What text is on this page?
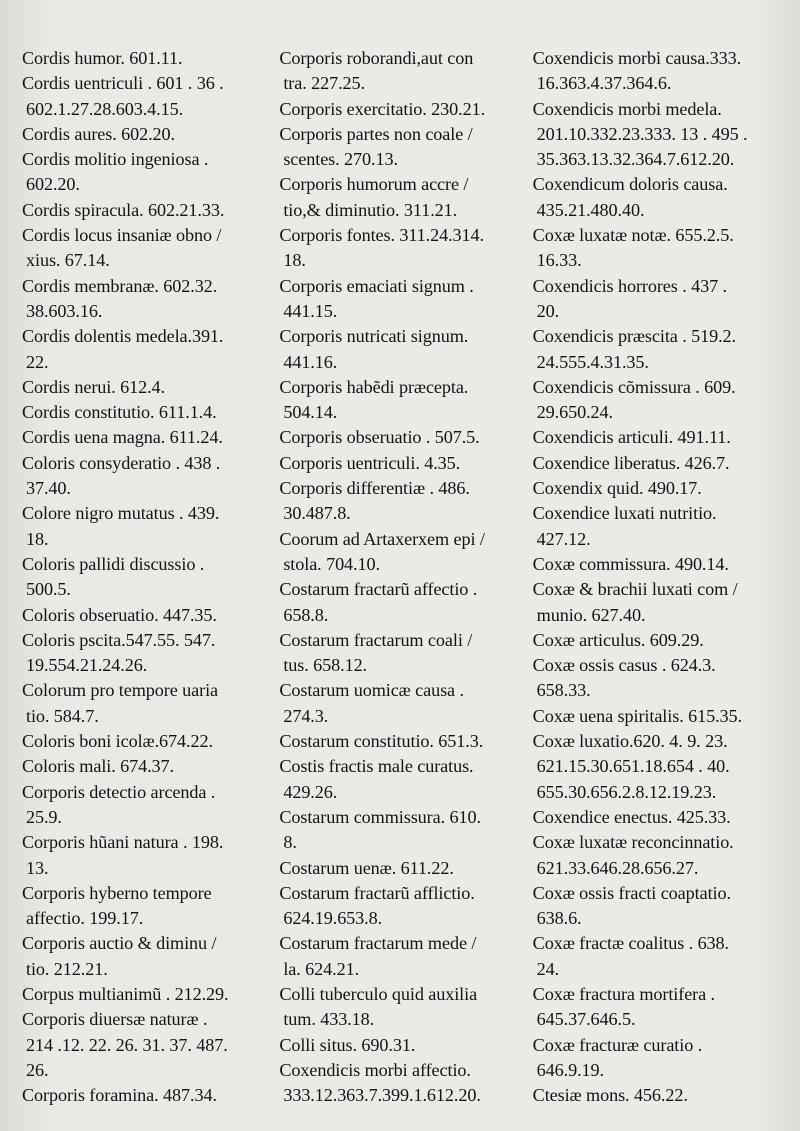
Cordis humor. 601.11.
Cordis uentriculi . 601 . 36 .
602.1.27.28.603.4.15.
Cordis aures. 602.20.
Cordis molitio ingeniosa .
602.20.
Cordis spiracula. 602.21.33.
Cordis locus insaniæ obno /
xius. 67.14.
Cordis membranæ. 602.32.
38.603.16.
Cordis dolentis medela.391.
22.
Cordis nerui. 612.4.
Cordis constitutio. 611.1.4.
Cordis uena magna. 611.24.
Coloris consyderatio . 438 .
37.40.
Colore nigro mutatus . 439.
18.
Coloris pallidi discussio .
500.5.
Coloris obseruatio. 447.35.
Coloris pscita.547.55. 547.
19.554.21.24.26.
Colorum pro tempore uaria
tio. 584.7.
Coloris boni icolæ.674.22.
Coloris mali. 674.37.
Corporis detectio arcenda .
25.9.
Corporis hũani natura . 198.
13.
Corporis hyberno tempore
affectio. 199.17.
Corporis auctio & diminu /
tio. 212.21.
Corpus multianimũ . 212.29.
Corporis diuersæ naturæ .
214 .12. 22. 26. 31. 37. 487.
26.
Corporis foramina. 487.34.
Corporis roborandi,aut con
tra. 227.25.
Corporis exercitatio. 230.21.
Corporis partes non coale /
scentes. 270.13.
Corporis humorum accre /
tio,& diminutio. 311.21.
Corporis fontes. 311.24.314.
18.
Corporis emaciati signum .
441.15.
Corporis nutricati signum.
441.16.
Corporis habẽdi præcepta.
504.14.
Corporis obseruatio . 507.5.
Corporis uentriculi. 4.35.
Corporis differentiæ . 486.
30.487.8.
Coorum ad Artaxerxem epi /
stola. 704.10.
Costarum fractarũ affectio .
658.8.
Costarum fractarum coali /
tus. 658.12.
Costarum uomicæ causa .
274.3.
Costarum constitutio. 651.3.
Costis fractis male curatus.
429.26.
Costarum commissura. 610.
8.
Costarum uenæ. 611.22.
Costarum fractarũ afflictio.
624.19.653.8.
Costarum fractarum mede /
la. 624.21.
Colli tuberculo quid auxilia
tum. 433.18.
Colli situs. 690.31.
Coxendicis morbi affectio.
333.12.363.7.399.1.612.20.
Coxendicis morbi causa.333.
16.363.4.37.364.6.
Coxendicis morbi medela.
201.10.332.23.333. 13 . 495 .
35.363.13.32.364.7.612.20.
Coxendicum doloris causa.
435.21.480.40.
Coxæ luxatæ notæ. 655.2.5.
16.33.
Coxendicis horrores . 437 .
20.
Coxendicis præscita . 519.2.
24.555.4.31.35.
Coxendicis cõmissura . 609.
29.650.24.
Coxendicis articuli. 491.11.
Coxendice liberatus. 426.7.
Coxendix quid. 490.17.
Coxendice luxati nutritio.
427.12.
Coxæ commissura. 490.14.
Coxæ & brachii luxati com /
munio. 627.40.
Coxæ articulus. 609.29.
Coxæ ossis casus . 624.3.
658.33.
Coxæ uena spiritalis. 615.35.
Coxæ luxatio.620. 4. 9. 23.
621.15.30.651.18.654 . 40.
655.30.656.2.8.12.19.23.
Coxendice enectus. 425.33.
Coxæ luxatæ reconcinnatio.
621.33.646.28.656.27.
Coxæ ossis fracti coaptatio.
638.6.
Coxæ fractæ coalitus . 638.
24.
Coxæ fractura mortifera .
645.37.646.5.
Coxæ fracturæ curatio .
646.9.19.
Ctesiæ mons. 456.22.
